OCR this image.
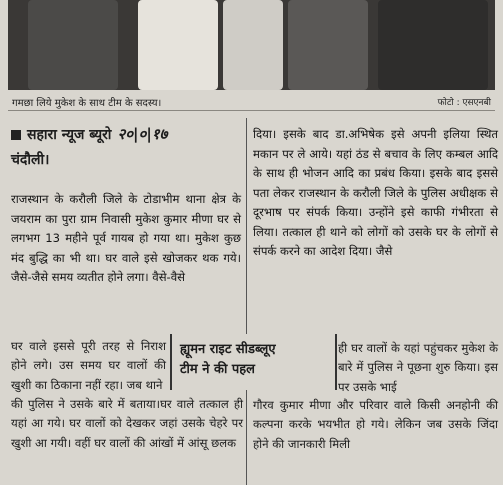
गमछा लिये मुकेश के साथ टीम के सदस्य।	फोटो : एसएनबी
सहारा न्यूज ब्यूरो २०|०|१७
चंदौली।

राजस्थान के करौली जिले के टोडाभीम थाना क्षेत्र के जयराम का पुरा ग्राम निवासी मुकेश कुमार मीणा घर से लगभग 13 महीने पूर्व गायब हो गया था। मुकेश कुछ मंद बुद्धि का भी था। घर वाले इसे खोजकर थक गये। जैसे-जैसे समय व्यतीत होने लगा। वैसे-वैसे

घर वाले इससे पूरी तरह से निराश होने लगे। उस समय घर वालों की खुशी का ठिकाना नहीं रहा। जब थाने

की पुलिस ने उसके बारे में बताया।घर वाले तत्काल ही यहां आ गये। घर वालों को देखकर जहां उसके चेहरे पर खुशी आ गयी। वहीं घर वालों की आंखों में आंसू छलक

दिया। इसके बाद डा.अभिषेक इसे अपनी इलिया स्थित मकान पर ले आये। यहां ठंड से बचाव के लिए कम्बल आदि के साथ ही भोजन आदि का प्रबंध किया। इसके बाद इससे पता लेकर राजस्थान के करौली जिले के पुलिस अधीक्षक से दूरभाष पर संपर्क किया। उन्होंने इसे काफी गंभीरता से लिया। तत्काल ही थाने को लोगों को उसके घर के लोगों से संपर्क करने का आदेश दिया। जैसे

ही घर वालों के यहां पहुंचकर मुकेश के बारे में पुलिस ने पूछना शुरु किया। इस पर उसके भाई

गौरव कुमार मीणा और परिवार वाले किसी अनहोनी की कल्पना करके भयभीत हो गये। लेकिन जब उसके जिंदा होने की जानकारी मिली

ह्यूमन राइट सीडब्लूए
टीम ने की पहल
